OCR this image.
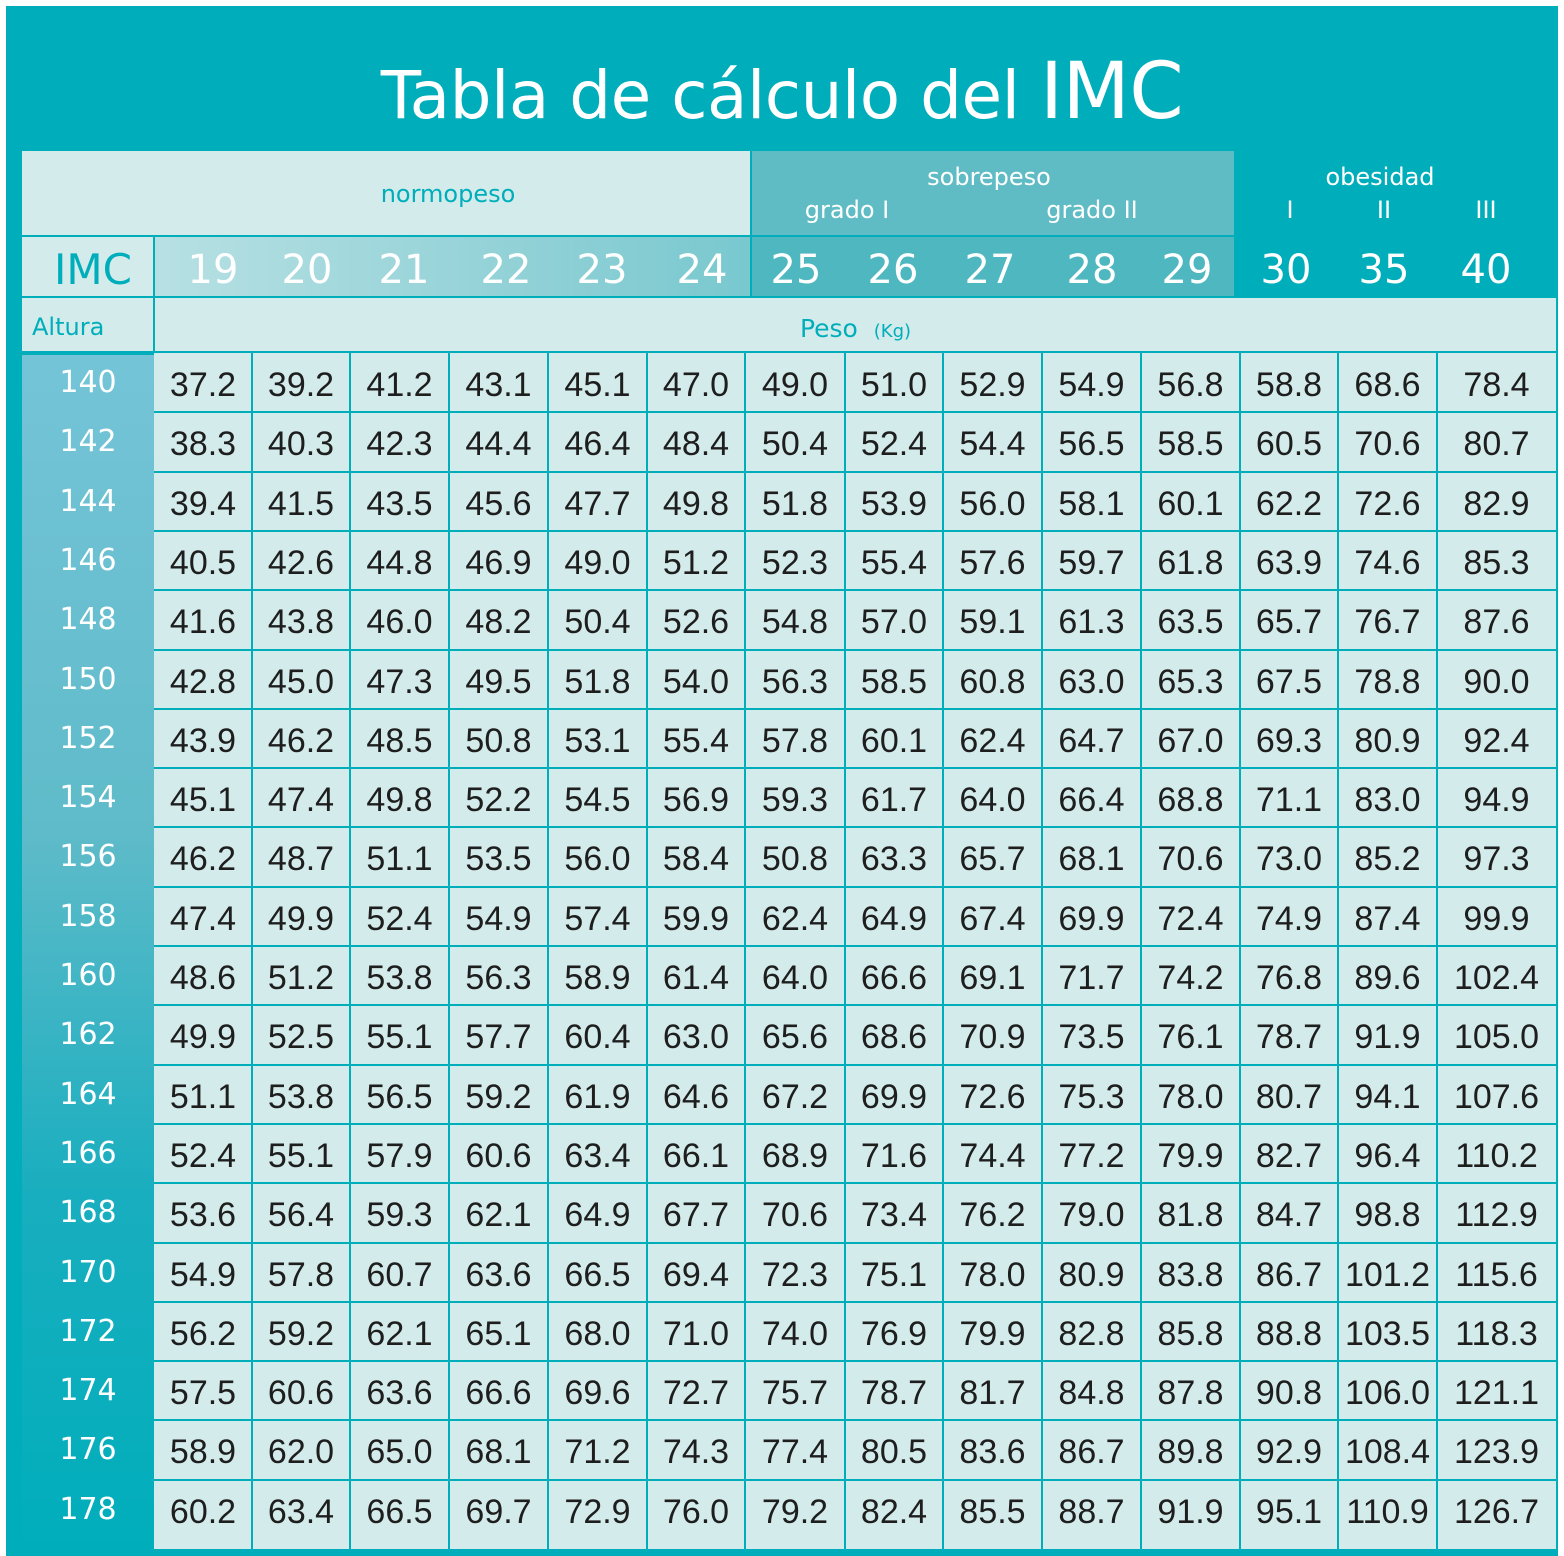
Tabla de cálculo del IMC
normopeso
sobrepeso
grado I	grado II
obesidad
I	II	III
IMC	19	20	21	22	23	24	25	26	27	28	29	30	35	40
Altura	Peso (Kg)
140	37.2 39.2 41.2 43.1 45.1 47.0 49.0 51.0 52.9 54.9 56.8 58.8 68.6	78.4
142	38.3 40.3 42.3 44.4 46.4 48.4 50.4 52.4 54.4 56.5 58.5 60.5 70.6	80.7
144	39.4 41.5 43.5 45.6 47.7 49.8 51.8 53.9 56.0 58.1 60.1 62.2 72.6	82.9
146	40.5 42.6 44.8 46.9 49.0 51.2 52.3 55.4 57.6 59.7 61.8 63.9 74.6	85.3
148	41.6 43.8 46.0 48.2 50.4 52.6 54.8 57.0 59.1 61.3 63.5 65.7 76.7	87.6
150	42.8 45.0 47.3 49.5 51.8 54.0 56.3 58.5 60.8 63.0 65.3 67.5 78.8	90.0
152	43.9 46.2 48.5 50.8 53.1 55.4 57.8 60.1 62.4 64.7 67.0 69.3 80.9	92.4
154	45.1 47.4 49.8 52.2 54.5 56.9 59.3 61.7 64.0 66.4 68.8 71.1 83.0	94.9
156	46.2 48.7 51.1 53.5 56.0 58.4 50.8 63.3 65.7 68.1 70.6 73.0 85.2	97.3
158	47.4 49.9 52.4 54.9 57.4 59.9 62.4 64.9 67.4 69.9 72.4 74.9 87.4	99.9
160	48.6 51.2 53.8 56.3 58.9 61.4 64.0 66.6 69.1 71.7 74.2 76.8 89.6 102.4
162	49.9 52.5 55.1 57.7 60.4 63.0 65.6 68.6 70.9 73.5 76.1 78.7 91.9 105.0
164	51.1 53.8 56.5 59.2 61.9 64.6 67.2 69.9 72.6 75.3 78.0 80.7 94.1 107.6
166	52.4 55.1 57.9 60.6 63.4 66.1 68.9 71.6 74.4 77.2 79.9 82.7 96.4	110.2
168	53.6 56.4 59.3 62.1 64.9 67.7 70.6 73.4 76.2 79.0 81.8 84.7 98.8	112.9
170	54.9 57.8 60.7 63.6 66.5 69.4 72.3 75.1 78.0 80.9 83.8 86.7 101.2 115.6
172	56.2 59.2 62.1 65.1 68.0 71.0 74.0 76.9 79.9 82.8 85.8 88.8 103.5 118.3
174	57.5 60.6 63.6 66.6 69.6 72.7 75.7 78.7 81.7 84.8 87.8 90.8 106.0 121.1
176	58.9 62.0 65.0 68.1 71.2 74.3 77.4 80.5 83.6 86.7 89.8 92.9 108.4 123.9
178	60.2 63.4 66.5 69.7 72.9 76.0 79.2 82.4 85.5 88.7 91.9 95.1 110.9 126.7
